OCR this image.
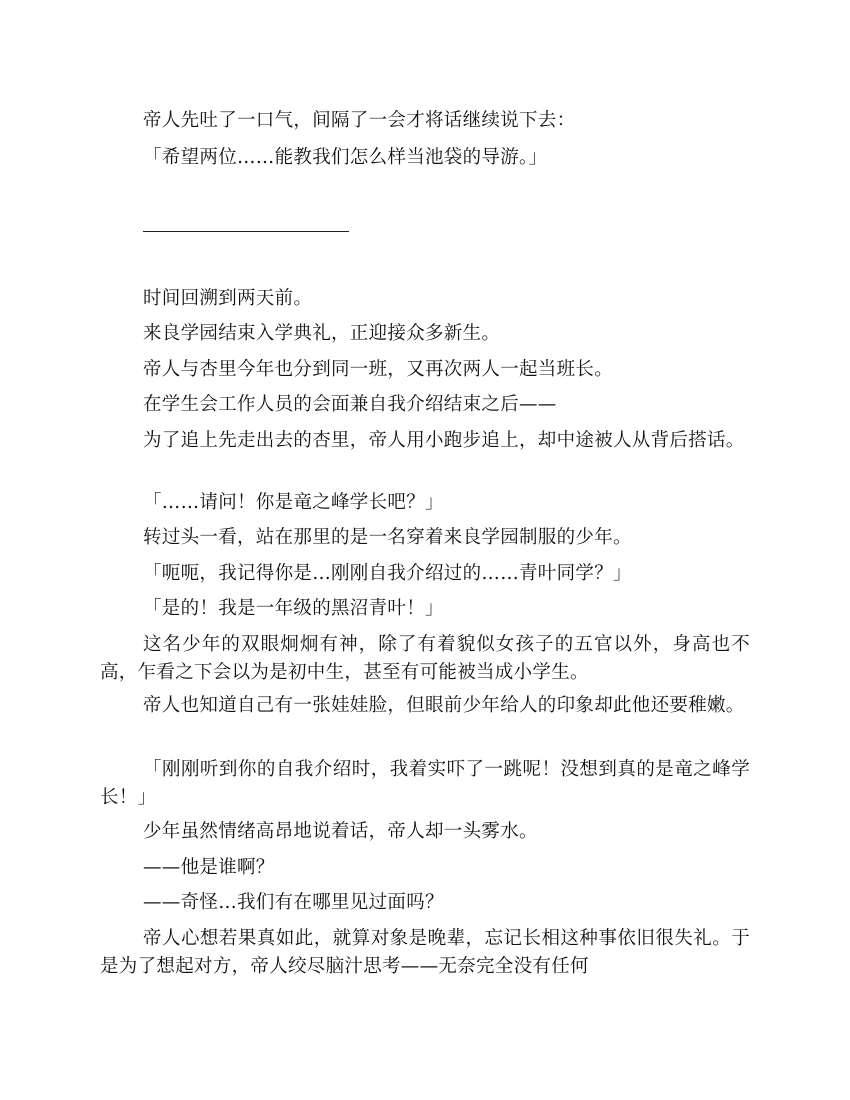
帝人先吐了一口气，间隔了一会才将话继续说下去：

「希望两位……能教我们怎么样当池袋的导游。」

时间回溯到两天前。

来良学园结束入学典礼，正迎接众多新生。

帝人与杏里今年也分到同一班，又再次两人一起当班长。

在学生会工作人员的会面兼自我介绍结束之后——

为了追上先走出去的杏里，帝人用小跑步追上，却中途被人从背后搭话。

「……请问！你是竜之峰学长吧？」

转过头一看，站在那里的是一名穿着来良学园制服的少年。

「呃呃，我记得你是…刚刚自我介绍过的……青叶同学？」

「是的！我是一年级的黑沼青叶！」

这名少年的双眼炯炯有神，除了有着貌似女孩子的五官以外，身高也不高，乍看之下会以为是初中生，甚至有可能被当成小学生。

帝人也知道自己有一张娃娃脸，但眼前少年给人的印象却此他还要稚嫩。

「刚刚听到你的自我介绍时，我着实吓了一跳呢！没想到真的是竜之峰学长！」

少年虽然情绪高昂地说着话，帝人却一头雾水。

——他是谁啊？

——奇怪…我们有在哪里见过面吗？

帝人心想若果真如此，就算对象是晚辈，忘记长相这种事依旧很失礼。于是为了想起对方，帝人绞尽脑汁思考——无奈完全没有任何
